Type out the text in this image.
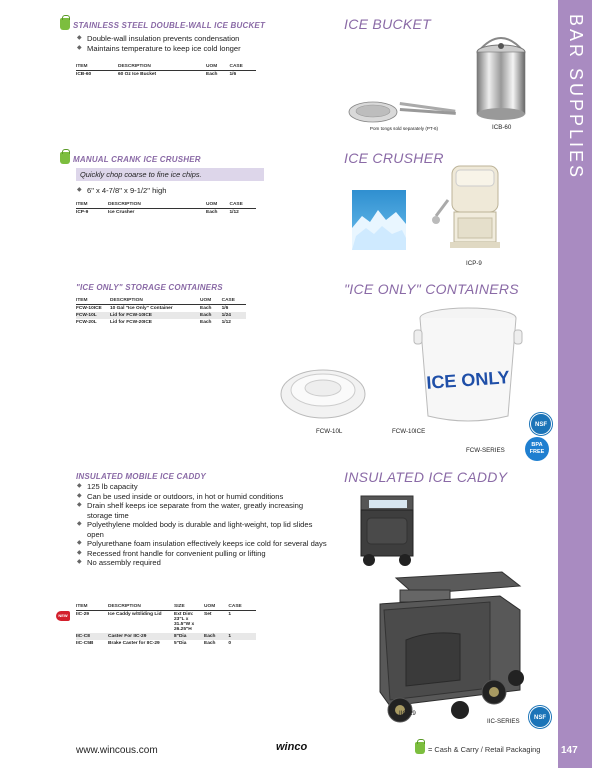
BAR SUPPLIES
147
STAINLESS STEEL DOUBLE-WALL ICE BUCKET	ICE BUCKET
◆ Double-wall insulation prevents condensation
◆ Maintains temperature to keep ice cold longer
ITEM	DESCRIPTION	UOM	CASE
ICB-60	60 Oz Ice Bucket	Each	1/6
Pom tongs sold separately (PT-6)	ICB-60
MANUAL CRANK ICE CRUSHER	ICE CRUSHER
Quickly chop coarse to fine ice chips.
◆ 6" x 4-7/8" x 9-1/2" high
ITEM	DESCRIPTION	UOM	CASE
ICP-9	Ice Crusher	Each	1/12
ICP-9
"ICE ONLY" STORAGE CONTAINERS	"ICE ONLY" CONTAINERS
ITEM	DESCRIPTION	UOM	CASE
FCW-10ICE	10 Gal "Ice Only" Container	Each	1/6
FCW-10L	Lid for FCW-10ICE	Each	1/24
FCW-20L	Lid for FCW-20ICE	Each	1/12
FCW-10L
ICE ONLY
FCW-10ICE
FCW-SERIES
NSF
BPA
FREE
INSULATED MOBILE ICE CADDY	INSULATED ICE CADDY
◆ 125 lb capacity
◆ Can be used inside or outdoors, in hot or humid conditions
◆ Drain shelf keeps ice separate from the water, greatly increasing storage time
◆ Polyethylene molded body is durable and light-weight, top lid slides open
◆ Polyurethane foam insulation effectively keeps ice cold for several days
◆ Recessed front handle for convenient pulling or lifting
◆ No assembly required
NEW
ITEM	DESCRIPTION	SIZE	UOM	CASE
IIC-29	Ice Caddy w/Sliding Lid	Ext Dim: 23"L x 31.5"W x 26.25"H	Set	1
IIC-C8	Caster For IIC-29	8"Dia	Each	1
IIC-C5B	Brake Caster for IIC-29	5"Dia	Each	0
IIC-29
IIC-SERIES	NSF
www.wincous.com	winco	= Cash & Carry / Retail Packaging
